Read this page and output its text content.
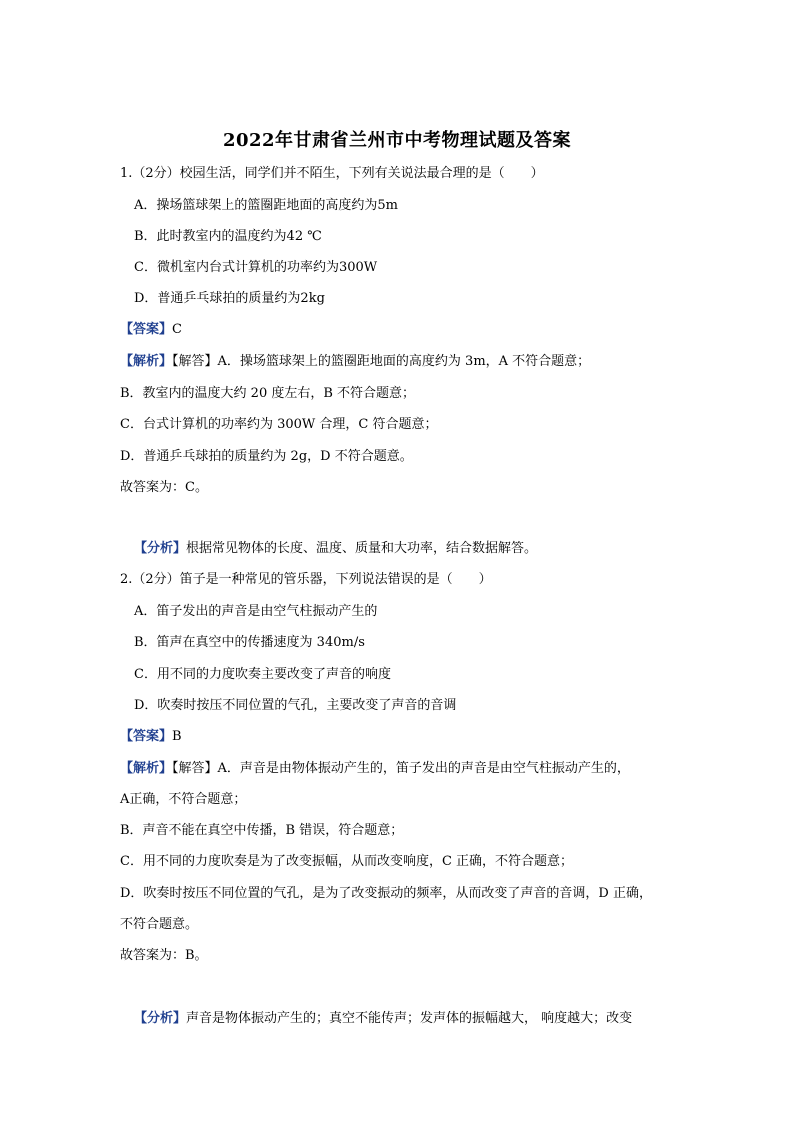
2022年甘肃省兰州市中考物理试题及答案
1.（2分）校园生活，同学们并不陌生，下列有关说法最合理的是（　　）
A．操场篮球架上的篮圈距地面的高度约为5m
B．此时教室内的温度约为42 ℃
C．微机室内台式计算机的功率约为300W
D．普通乒乓球拍的质量约为2kg
【答案】C
【解析】【解答】A．操场篮球架上的篮圈距地面的高度约为 3m，A 不符合题意；
B．教室内的温度大约 20 度左右，B 不符合题意；
C．台式计算机的功率约为 300W 合理，C 符合题意；
D．普通乒乓球拍的质量约为 2g，D 不符合题意。
故答案为：C。
【分析】根据常见物体的长度、温度、质量和大功率，结合数据解答。
2.（2分）笛子是一种常见的管乐器，下列说法错误的是（　　）
A．笛子发出的声音是由空气柱振动产生的
B．笛声在真空中的传播速度为 340m/s
C．用不同的力度吹奏主要改变了声音的响度
D．吹奏时按压不同位置的气孔，主要改变了声音的音调
【答案】B
【解析】【解答】A．声音是由物体振动产生的，笛子发出的声音是由空气柱振动产生的，
A正确，不符合题意；
B．声音不能在真空中传播，B 错误，符合题意；
C．用不同的力度吹奏是为了改变振幅，从而改变响度，C 正确，不符合题意；
D．吹奏时按压不同位置的气孔，是为了改变振动的频率，从而改变了声音的音调，D 正确，
不符合题意。
故答案为：B。
【分析】声音是物体振动产生的；真空不能传声；发声体的振幅越大， 响度越大；改变
